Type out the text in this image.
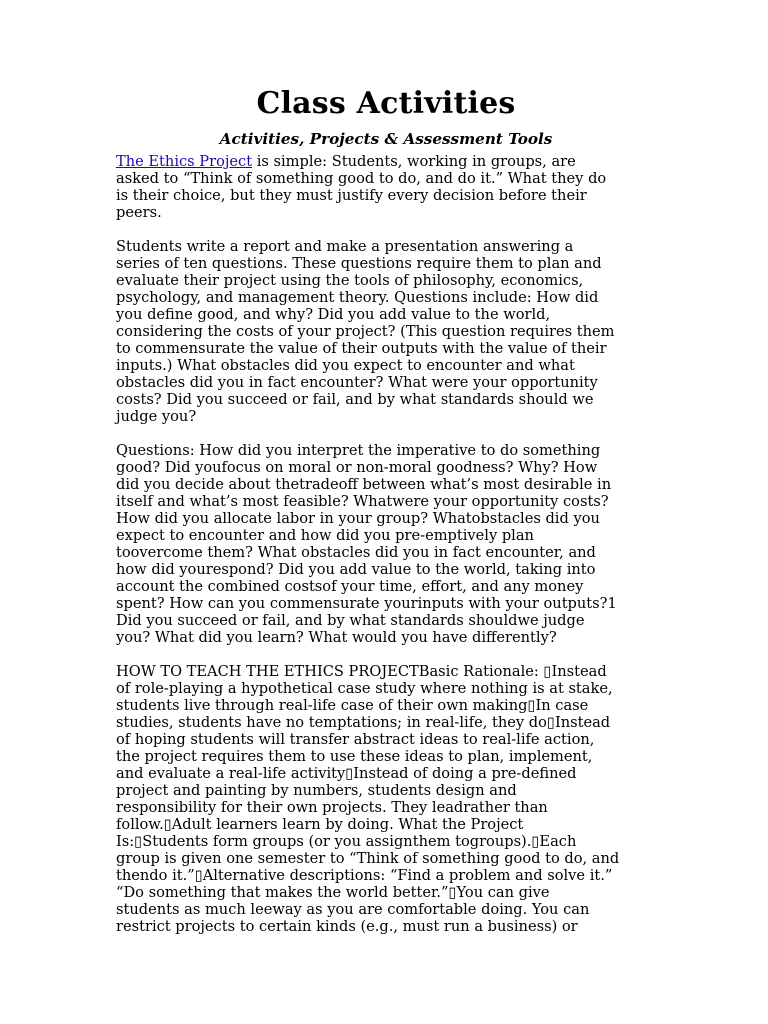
Class Activities
Activities, Projects & Assessment Tools
The Ethics Project is simple: Students, working in groups, are
asked to “Think of something good to do, and do it.” What they do
is their choice, but they must justify every decision before their
peers.
Students write a report and make a presentation answering a
series of ten questions. These questions require them to plan and
evaluate their project using the tools of philosophy, economics,
psychology, and management theory. Questions include: How did
you define good, and why? Did you add value to the world,
considering the costs of your project? (This question requires them
to commensurate the value of their outputs with the value of their
inputs.) What obstacles did you expect to encounter and what
obstacles did you in fact encounter? What were your opportunity
costs? Did you succeed or fail, and by what standards should we
judge you?
Questions: How did you interpret the imperative to do something
good? Did youfocus on moral or non-moral goodness? Why? How
did you decide about thetradeoff between what’s most desirable in
itself and what’s most feasible? Whatwere your opportunity costs?
How did you allocate labor in your group? Whatobstacles did you
expect to encounter and how did you pre-emptively plan
toovercome them? What obstacles did you in fact encounter, and
how did yourespond? Did you add value to the world, taking into
account the combined costsof your time, effort, and any money
spent? How can you commensurate yourinputs with your outputs?1
Did you succeed or fail, and by what standards shouldwe judge
you? What did you learn? What would you have differently?
HOW TO TEACH THE ETHICS PROJECTBasic Rationale: ▯Instead
of role-playing a hypothetical case study where nothing is at stake,
students live through real-life case of their own making▯In case
studies, students have no temptations; in real-life, they do▯Instead
of hoping students will transfer abstract ideas to real-life action,
the project requires them to use these ideas to plan, implement,
and evaluate a real-life activity▯Instead of doing a pre-defined
project and painting by numbers, students design and
responsibility for their own projects. They leadrather than
follow.▯Adult learners learn by doing. What the Project
Is:▯Students form groups (or you assignthem togroups).▯Each
group is given one semester to “Think of something good to do, and
thendo it.”▯Alternative descriptions: “Find a problem and solve it.”
“Do something that makes the world better.”▯You can give
students as much leeway as you are comfortable doing. You can
restrict projects to certain kinds (e.g., must run a business) or
